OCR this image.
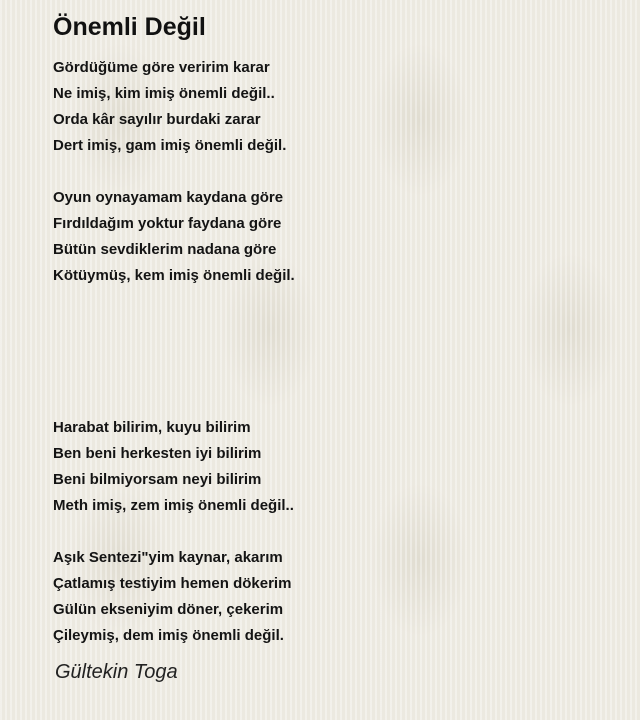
Önemli Değil
Gördüğüme göre veririm karar
Ne imiş, kim imiş önemli değil..
Orda kâr sayılır burdaki zarar
Dert imiş, gam imiş önemli değil.
Oyun oynayamam kaydana göre
Fırdıldağım yoktur faydana göre
Bütün sevdiklerim nadana göre
Kötüymüş, kem imiş önemli değil.
Harabat bilirim, kuyu bilirim
Ben beni herkesten iyi bilirim
Beni bilmiyorsam neyi bilirim
Meth imiş, zem imiş önemli değil..
Aşık Sentezi"yim kaynar, akarım
Çatlamış testiyim hemen dökerim
Gülün ekseniyim döner, çekerim
Çileymiş, dem imiş önemli değil.
Gültekin Toga
